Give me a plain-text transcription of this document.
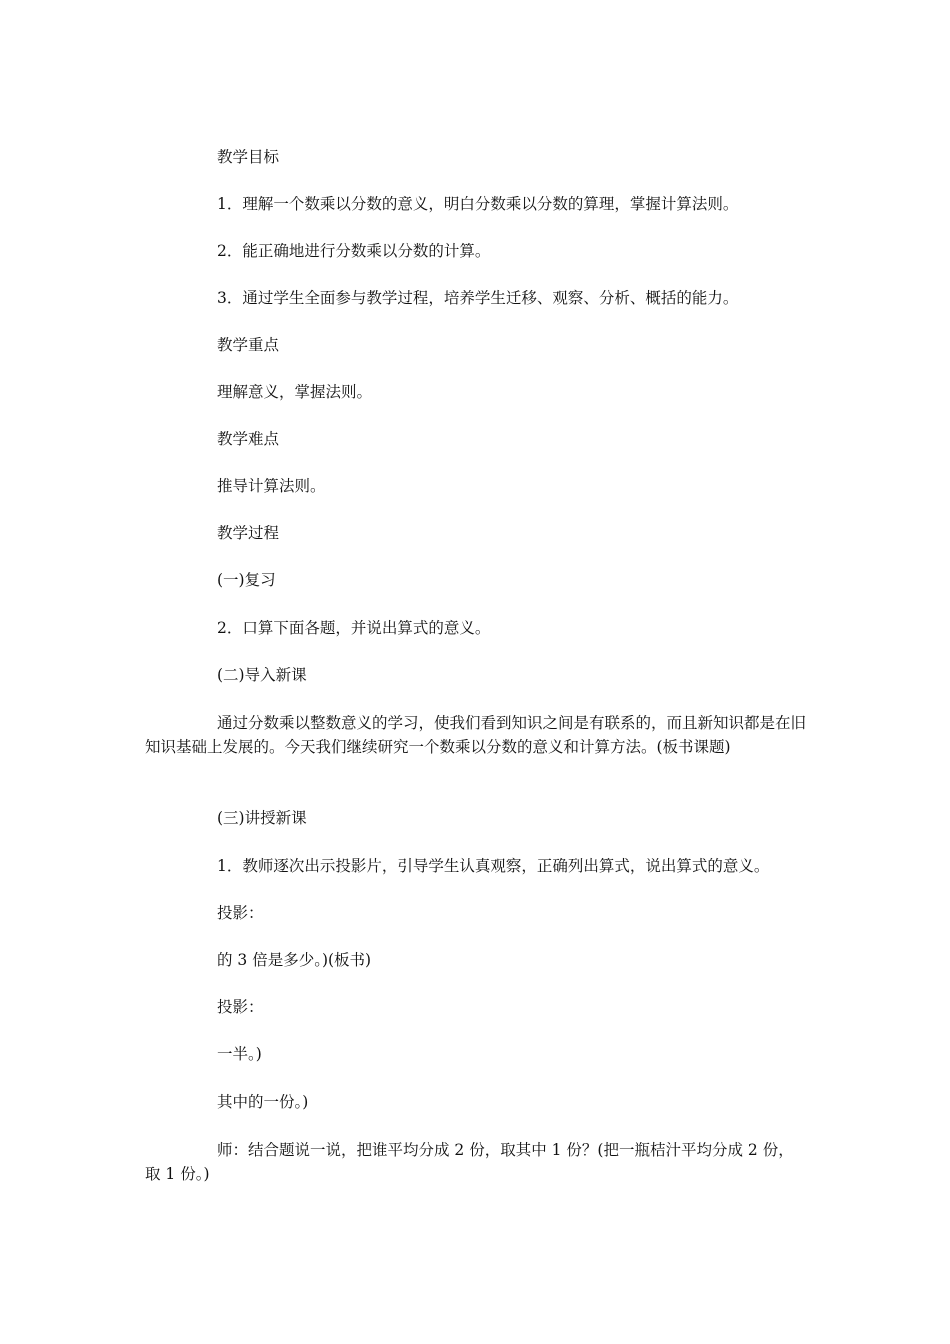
教学目标

1．理解一个数乘以分数的意义，明白分数乘以分数的算理，掌握计算法则。

2．能正确地进行分数乘以分数的计算。

3．通过学生全面参与教学过程，培养学生迁移、观察、分析、概括的能力。

教学重点

理解意义，掌握法则。

教学难点

推导计算法则。

教学过程

(一)复习

2．口算下面各题，并说出算式的意义。

(二)导入新课

通过分数乘以整数意义的学习，使我们看到知识之间是有联系的，而且新知识都是在旧知识基础上发展的。今天我们继续研究一个数乘以分数的意义和计算方法。(板书课题)

(三)讲授新课

1．教师逐次出示投影片，引导学生认真观察，正确列出算式，说出算式的意义。

投影：

的 3 倍是多少。)(板书)

投影：

一半。)

其中的一份。)

师：结合题说一说，把谁平均分成 2 份，取其中 1 份？(把一瓶桔汁平均分成 2 份，取 1 份。)
